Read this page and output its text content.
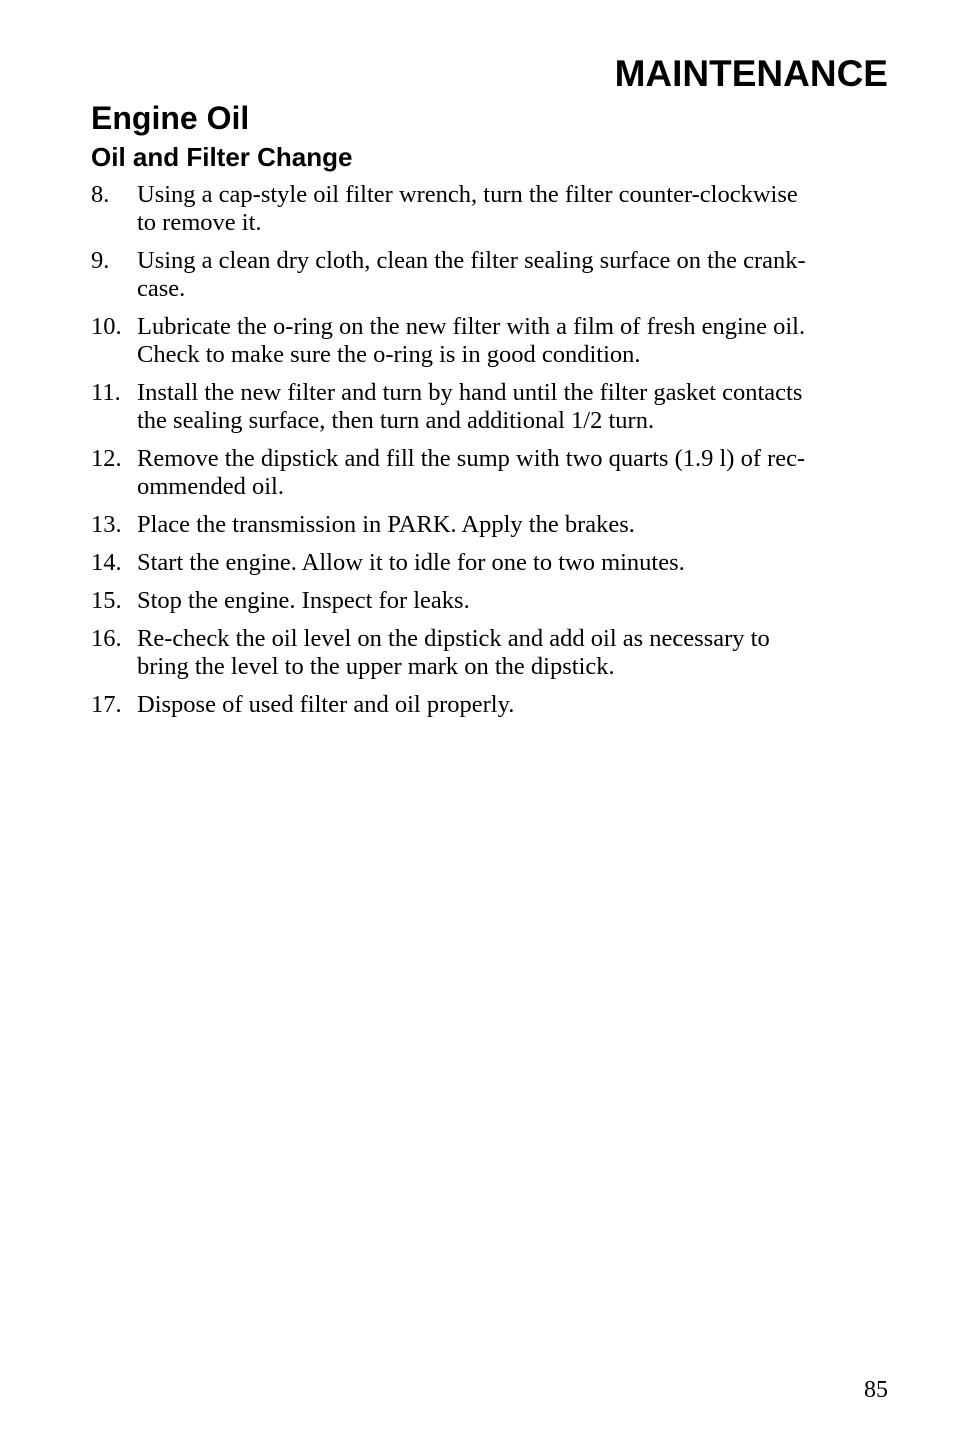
MAINTENANCE
Engine Oil
Oil and Filter Change
8.	Using a cap-style oil filter wrench, turn the filter counter-clockwise
to remove it.
9.	Using a clean dry cloth, clean the filter sealing surface on the crank-
case.
10. Lubricate the o-ring on the new filter with a film of fresh engine oil.
Check to make sure the o-ring is in good condition.
11. Install the new filter and turn by hand until the filter gasket contacts
the sealing surface, then turn and additional 1/2 turn.
12. Remove the dipstick and fill the sump with two quarts (1.9 l) of rec-
ommended oil.
13. Place the transmission in PARK. Apply the brakes.
14. Start the engine. Allow it to idle for one to two minutes.
15. Stop the engine. Inspect for leaks.
16. Re-check the oil level on the dipstick and add oil as necessary to
bring the level to the upper mark on the dipstick.
17. Dispose of used filter and oil properly.
85
